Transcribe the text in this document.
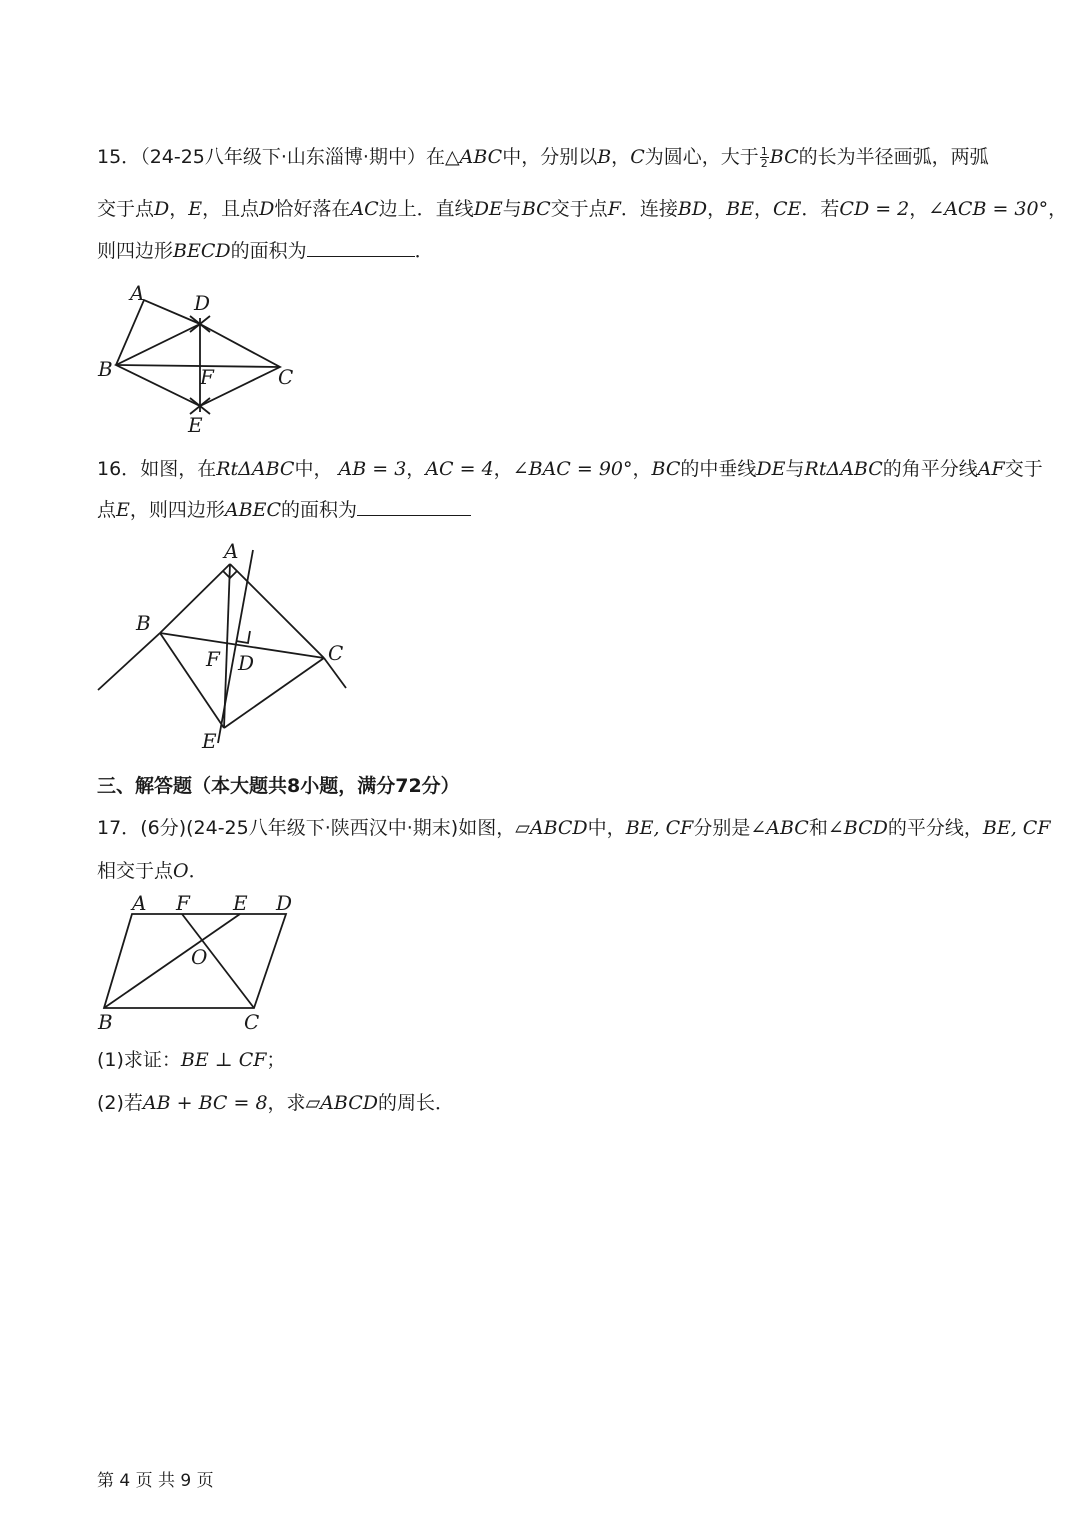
15．（24-25八年级下·山东淄博·期中）在△ABC中，分别以B，C为圆心，大于 $\frac{1}{2}$ BC的长为半径画弧，两弧
交于点D，E，且点D恰好落在AC边上．直线DE与BC交于点F．连接BD，BE，CE．若CD = 2，∠ACB = 30°，
则四边形BECD的面积为	．
A D
B	F	C
E
16．如图，在RtΔABC中， AB = 3，AC = 4，∠BAC = 90°，BC的中垂线DE与RtΔABC的角平分线AF交于
点E，则四边形ABEC的面积为
A
B
F D	C
E
三、解答题（本大题共8小题，满分72分）
17．(6分)(24-25八年级下·陕西汉中·期末)如图，▱ABCD中，BE, CF分别是∠ABC和∠BCD的平分线，BE, CF
相交于点O．
A F E D
O
B	C
(1)求证：BE ⊥ CF；
(2)若AB + BC = 8，求▱ABCD的周长．
第 4 页 共 9 页
